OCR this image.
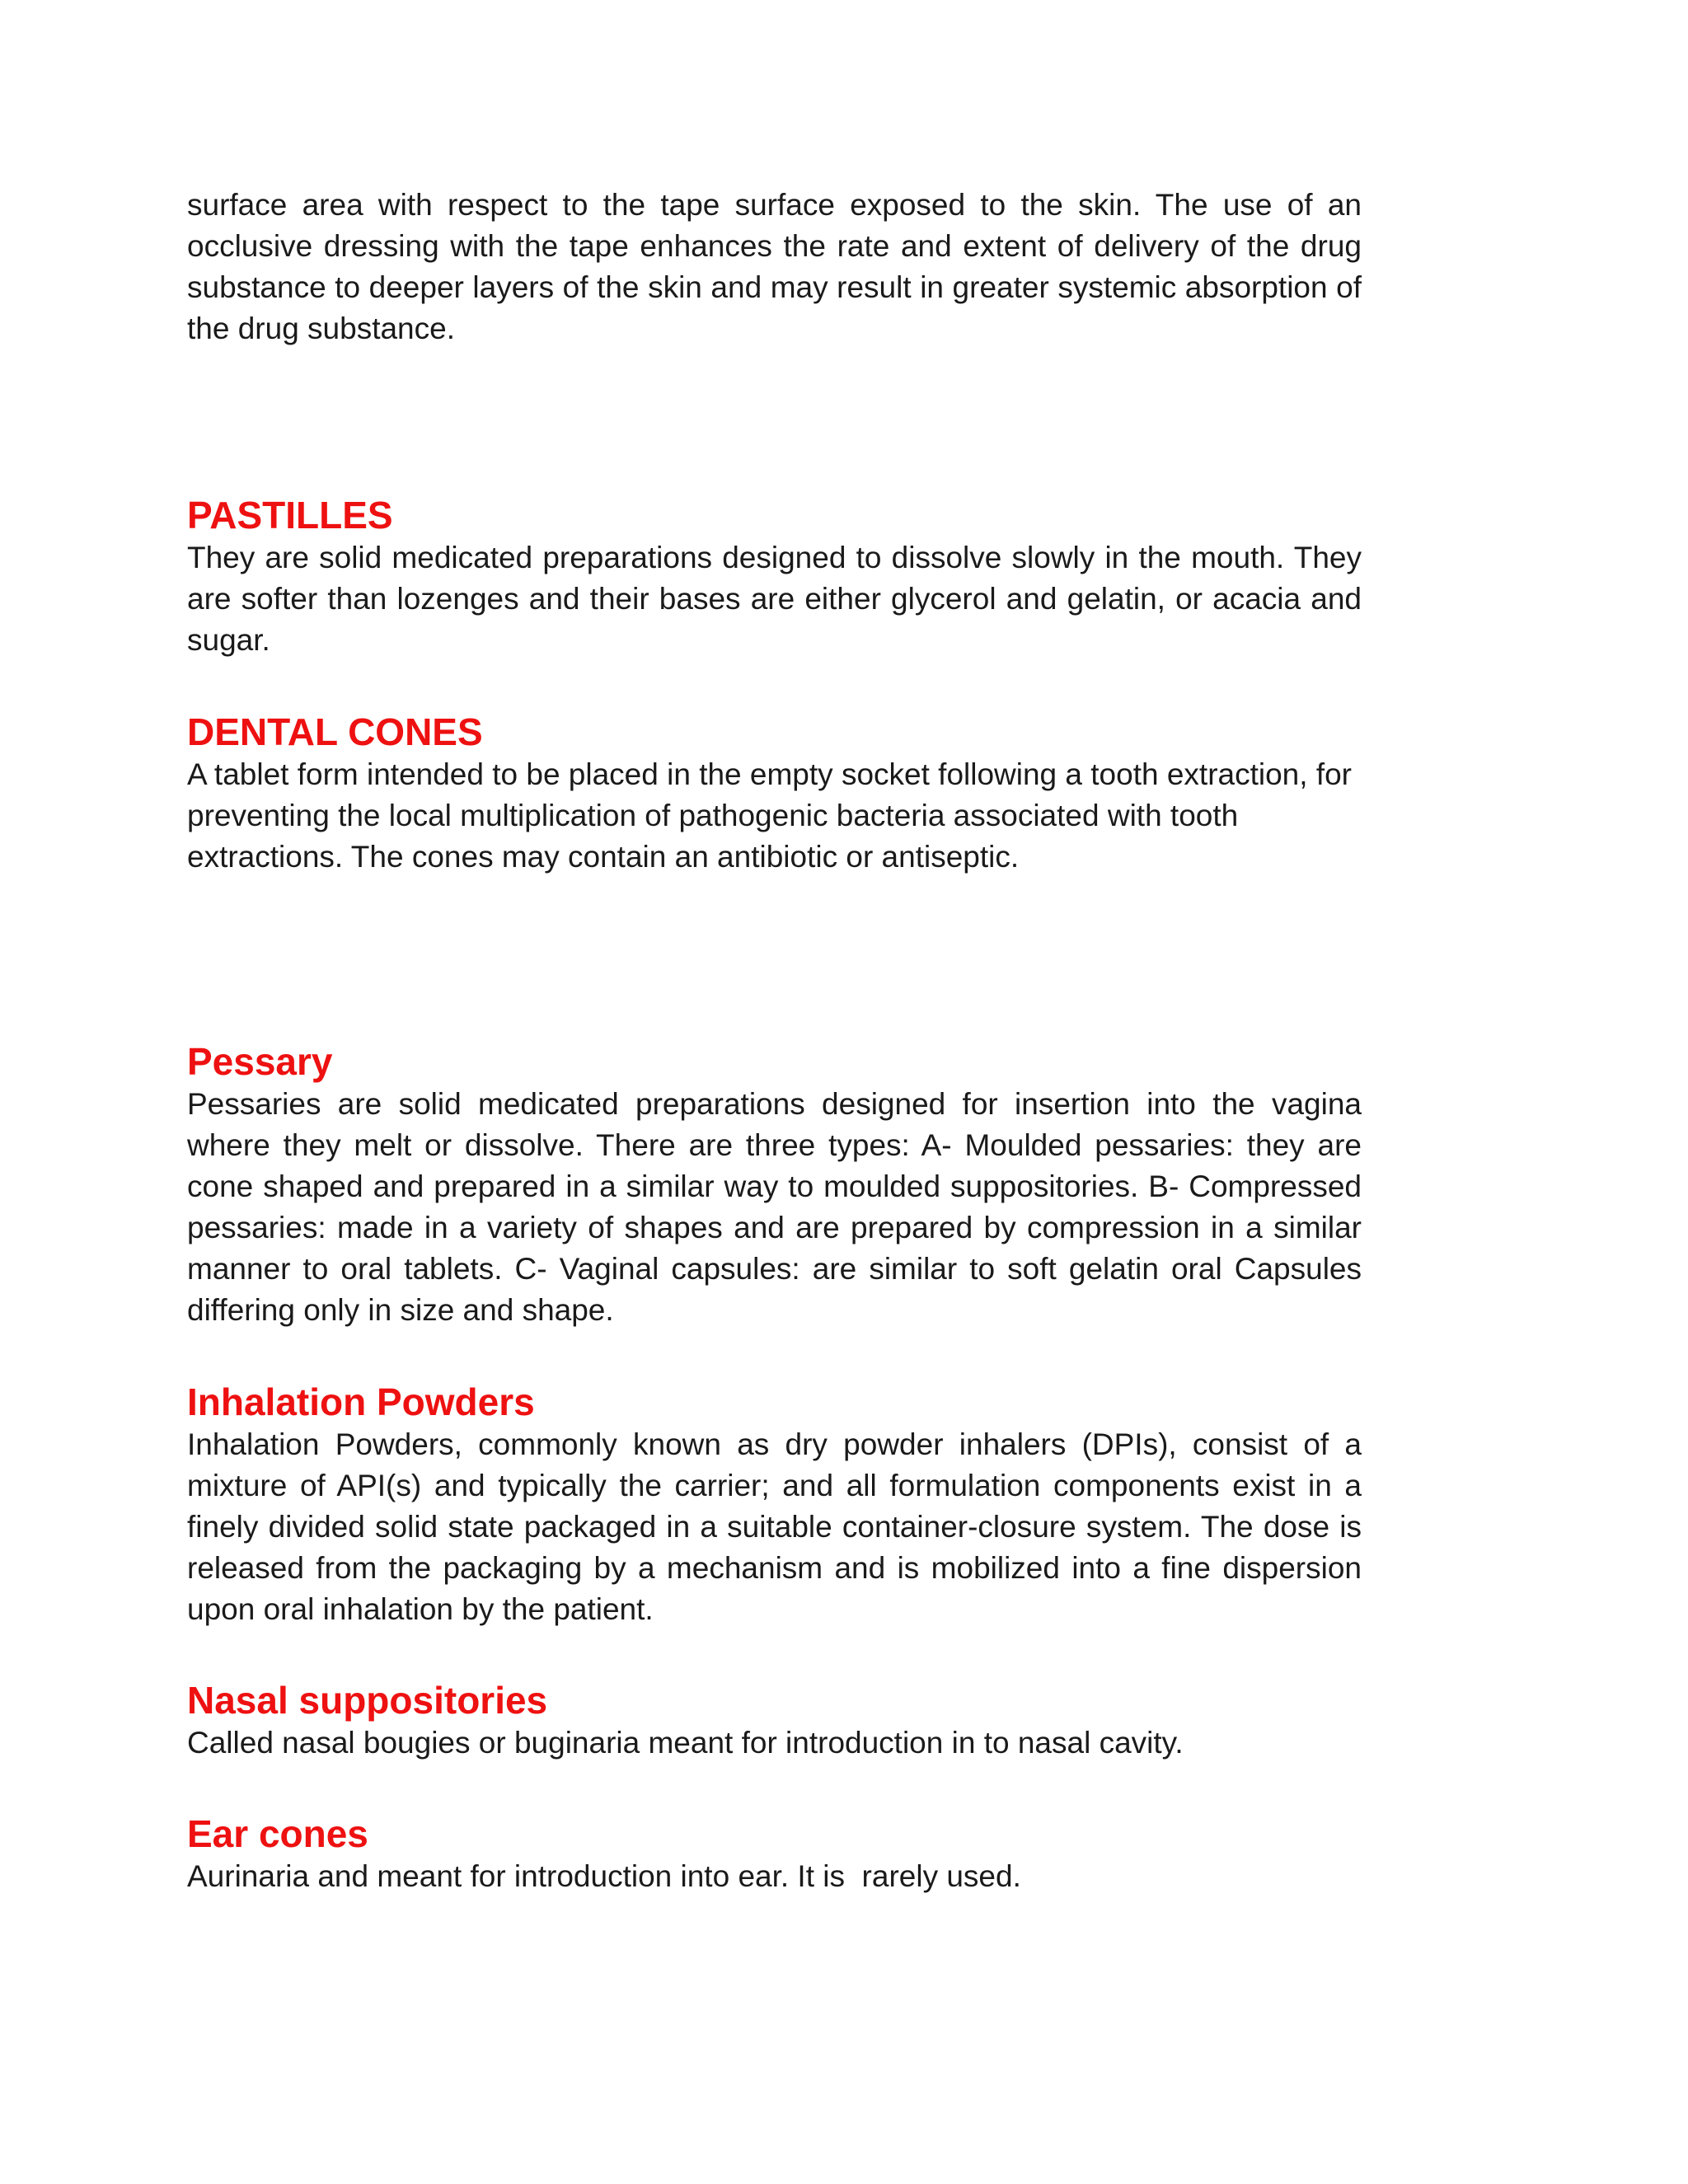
surface area with respect to the tape surface exposed to the skin. The use of an occlusive dressing with the tape enhances the rate and extent of delivery of the drug substance to deeper layers of the skin and may result in greater systemic absorption of the drug substance.

PASTILLES

They are solid medicated preparations designed to dissolve slowly in the mouth. They are softer than lozenges and their bases are either glycerol and gelatin, or acacia and sugar.

DENTAL CONES

A tablet form intended to be placed in the empty socket following a tooth extraction, for preventing the local multiplication of pathogenic bacteria associated with tooth extractions. The cones may contain an antibiotic or antiseptic.

Pessary

Pessaries are solid medicated preparations designed for insertion into the vagina where they melt or dissolve. There are three types: A- Moulded pessaries: they are cone shaped and prepared in a similar way to moulded suppositories. B- Compressed pessaries: made in a variety of shapes and are prepared by compression in a similar manner to oral tablets. C- Vaginal capsules: are similar to soft gelatin oral Capsules differing only in size and shape.

Inhalation Powders

Inhalation Powders, commonly known as dry powder inhalers (DPIs), consist of a mixture of API(s) and typically the carrier; and all formulation components exist in a finely divided solid state packaged in a suitable container-closure system. The dose is released from the packaging by a mechanism and is mobilized into a fine dispersion upon oral inhalation by the patient.

Nasal suppositories

Called nasal bougies or buginaria meant for introduction in to nasal cavity.

Ear cones

Aurinaria and meant for introduction into ear. It is  rarely used.
